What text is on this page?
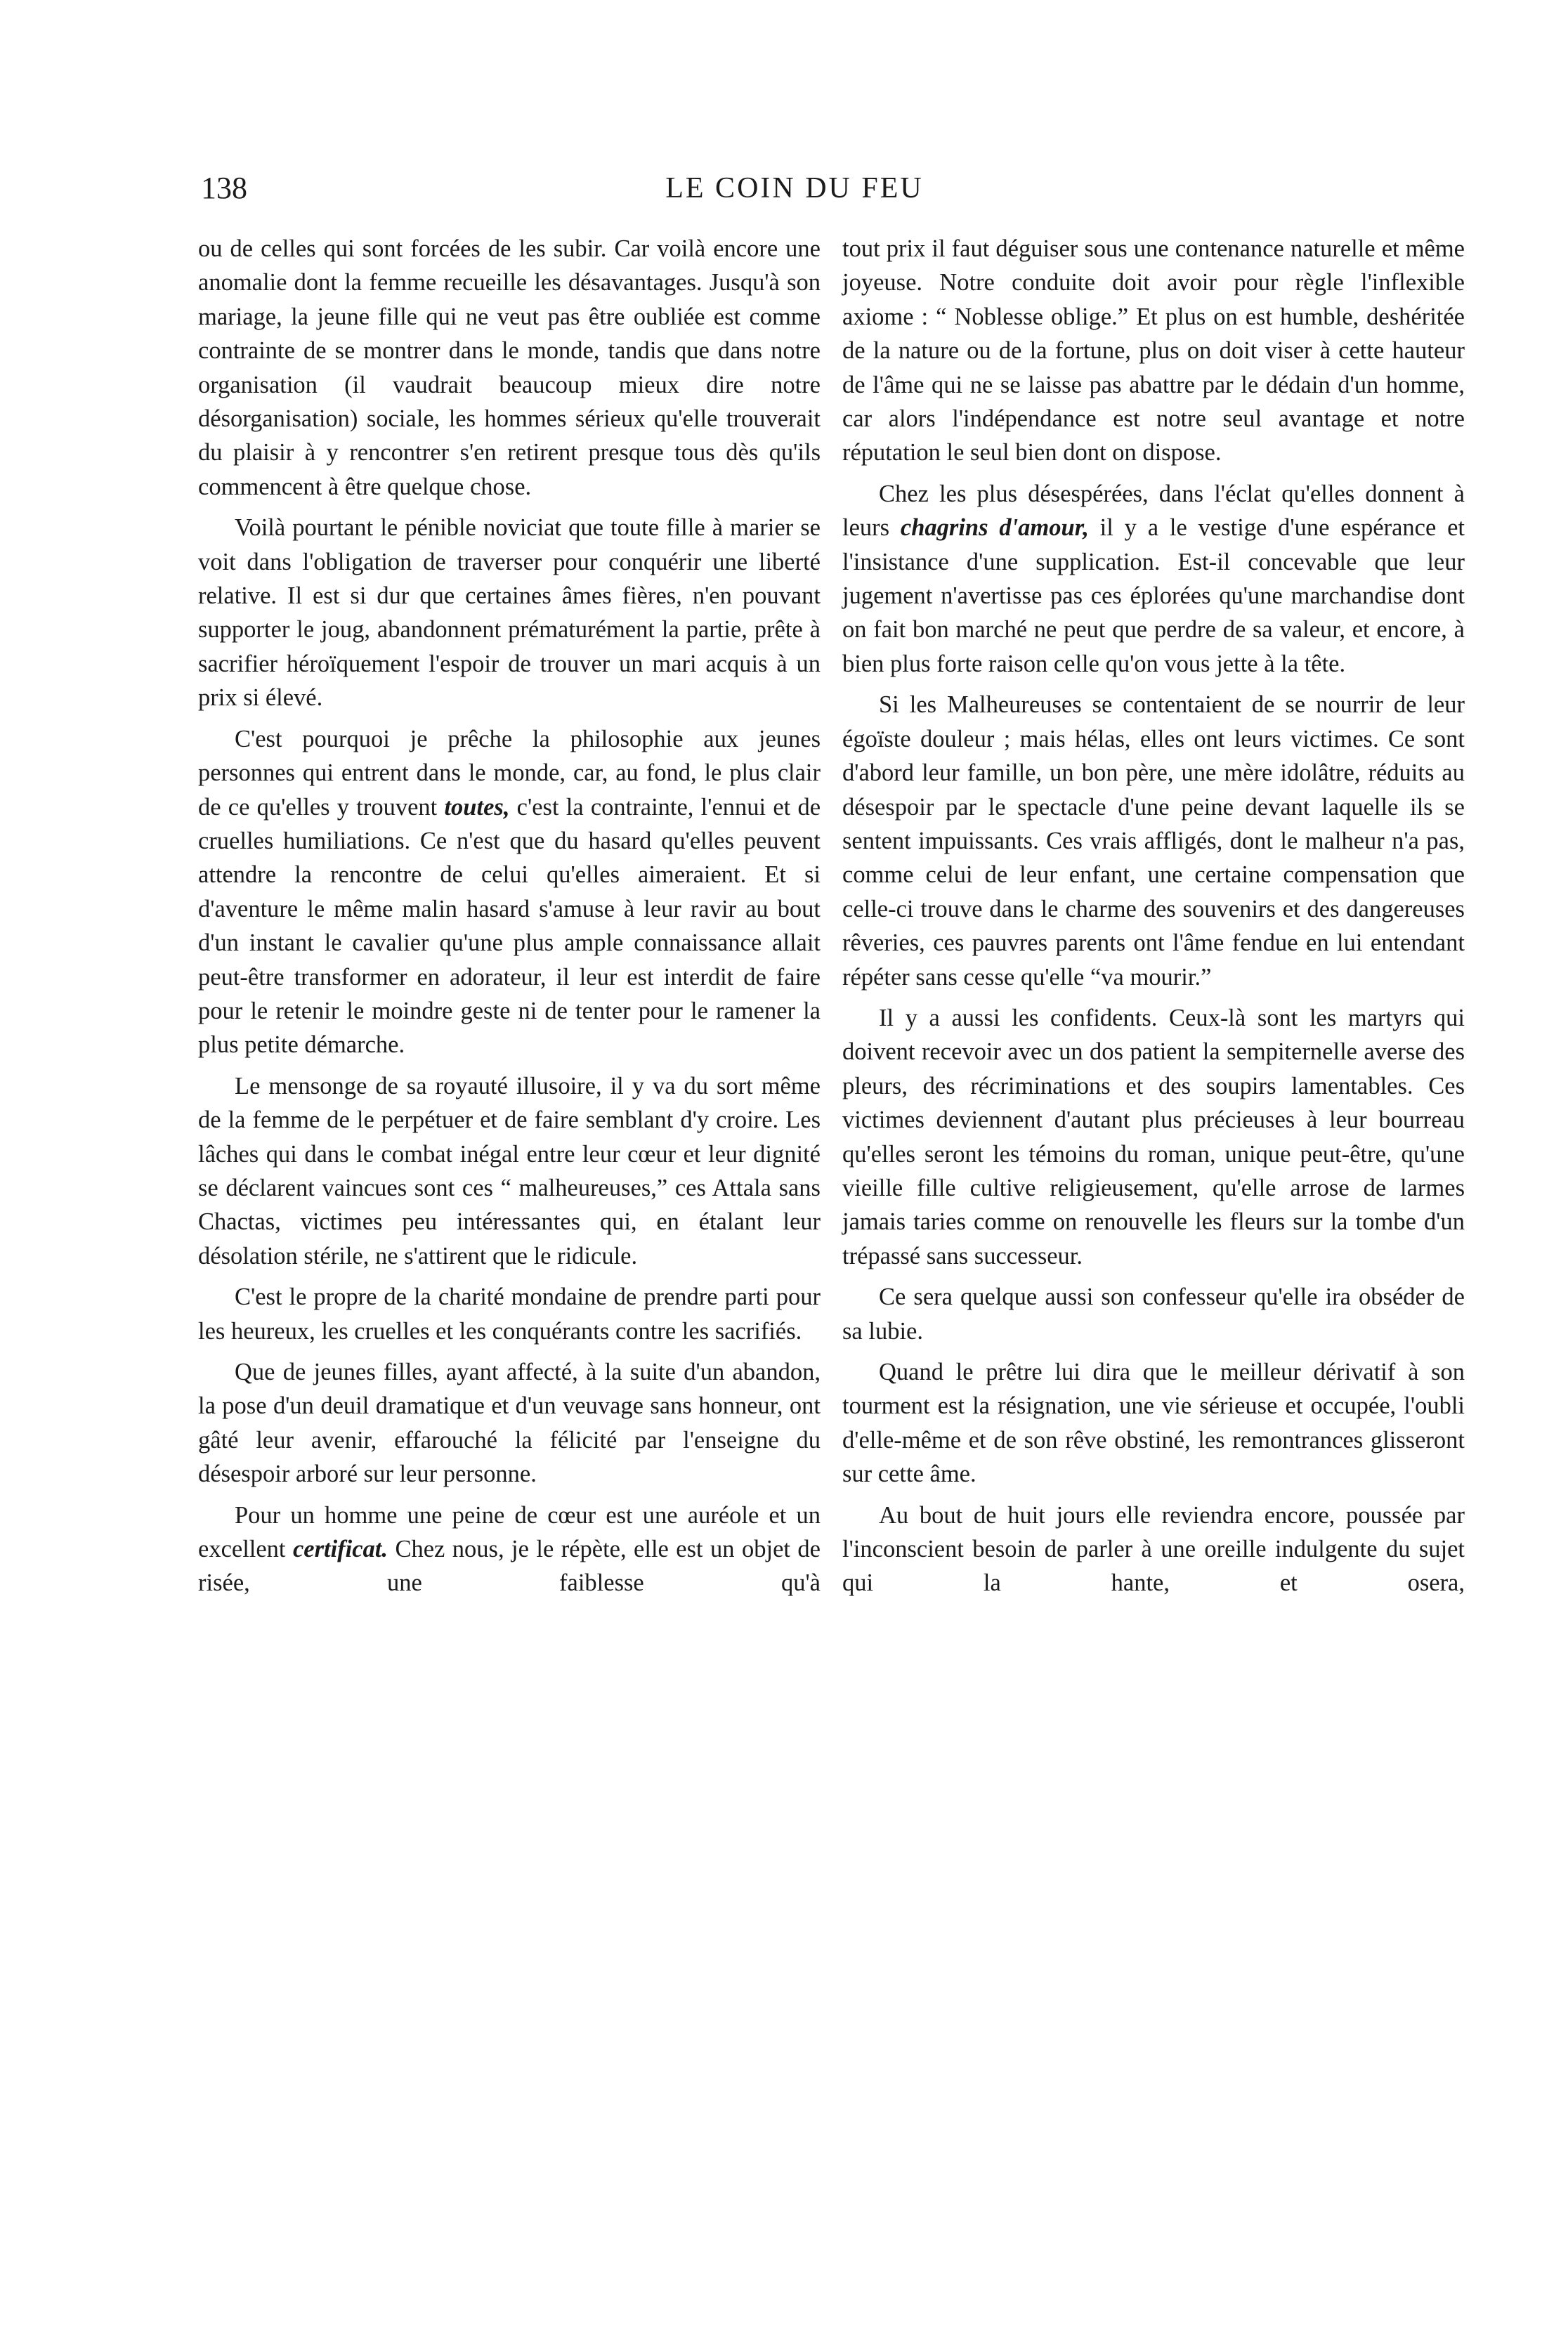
138	LE COIN DU FEU

ou de celles qui sont forcées de les subir. Car voilà encore une anomalie dont la femme recueille les désavantages. Jusqu'à son mariage, la jeune fille qui ne veut pas être oubliée est comme contrainte de se montrer dans le monde, tandis que dans notre organisation (il vaudrait beaucoup mieux dire notre désorganisation) sociale, les hommes sérieux qu'elle trouverait du plaisir à y rencontrer s'en retirent presque tous dès qu'ils commencent à être quelque chose.

Voilà pourtant le pénible noviciat que toute fille à marier se voit dans l'obligation de traverser pour conquérir une liberté relative. Il est si dur que certaines âmes fières, n'en pouvant supporter le joug, abandonnent prématurément la partie, prête à sacrifier héroïquement l'espoir de trouver un mari acquis à un prix si élevé.

C'est pourquoi je prêche la philosophie aux jeunes personnes qui entrent dans le monde, car, au fond, le plus clair de ce qu'elles y trouvent toutes, c'est la contrainte, l'ennui et de cruelles humiliations. Ce n'est que du hasard qu'elles peuvent attendre la rencontre de celui qu'elles aimeraient. Et si d'aventure le même malin hasard s'amuse à leur ravir au bout d'un instant le cavalier qu'une plus ample connaissance allait peut-être transformer en adorateur, il leur est interdit de faire pour le retenir le moindre geste ni de tenter pour le ramener la plus petite démarche.

Le mensonge de sa royauté illusoire, il y va du sort même de la femme de le perpétuer et de faire semblant d'y croire. Les lâches qui dans le combat inégal entre leur cœur et leur dignité se déclarent vaincues sont ces “ malheureuses,” ces Attala sans Chactas, victimes peu intéressantes qui, en étalant leur désolation stérile, ne s'attirent que le ridicule.

C'est le propre de la charité mondaine de prendre parti pour les heureux, les cruelles et les conquérants contre les sacrifiés.

Que de jeunes filles, ayant affecté, à la suite d'un abandon, la pose d'un deuil dramatique et d'un veuvage sans honneur, ont gâté leur avenir, effarouché la félicité par l'enseigne du désespoir arboré sur leur personne.

Pour un homme une peine de cœur est une auréole et un excellent certificat. Chez nous, je le répète, elle est un objet de risée, une faiblesse qu'à

tout prix il faut déguiser sous une contenance naturelle et même joyeuse. Notre conduite doit avoir pour règle l'inflexible axiome : “ Noblesse oblige.” Et plus on est humble, deshéritée de la nature ou de la fortune, plus on doit viser à cette hauteur de l'âme qui ne se laisse pas abattre par le dédain d'un homme, car alors l'indépendance est notre seul avantage et notre réputation le seul bien dont on dispose.

Chez les plus désespérées, dans l'éclat qu'elles donnent à leurs chagrins d'amour, il y a le vestige d'une espérance et l'insistance d'une supplication. Est-il concevable que leur jugement n'avertisse pas ces éplorées qu'une marchandise dont on fait bon marché ne peut que perdre de sa valeur, et encore, à bien plus forte raison celle qu'on vous jette à la tête.

Si les Malheureuses se contentaient de se nourrir de leur égoïste douleur ; mais hélas, elles ont leurs victimes. Ce sont d'abord leur famille, un bon père, une mère idolâtre, réduits au désespoir par le spectacle d'une peine devant laquelle ils se sentent impuissants. Ces vrais affligés, dont le malheur n'a pas, comme celui de leur enfant, une certaine compensation que celle-ci trouve dans le charme des souvenirs et des dangereuses rêveries, ces pauvres parents ont l'âme fendue en lui entendant répéter sans cesse qu'elle “va mourir.”

Il y a aussi les confidents. Ceux-là sont les martyrs qui doivent recevoir avec un dos patient la sempiternelle averse des pleurs, des récriminations et des soupirs lamentables. Ces victimes deviennent d'autant plus précieuses à leur bourreau qu'elles seront les témoins du roman, unique peut-être, qu'une vieille fille cultive religieusement, qu'elle arrose de larmes jamais taries comme on renouvelle les fleurs sur la tombe d'un trépassé sans successeur.

Ce sera quelque aussi son confesseur qu'elle ira obséder de sa lubie.

Quand le prêtre lui dira que le meilleur dérivatif à son tourment est la résignation, une vie sérieuse et occupée, l'oubli d'elle-même et de son rêve obstiné, les remontrances glisseront sur cette âme.

Au bout de huit jours elle reviendra encore, poussée par l'inconscient besoin de parler à une oreille indulgente du sujet qui la hante, et osera,
